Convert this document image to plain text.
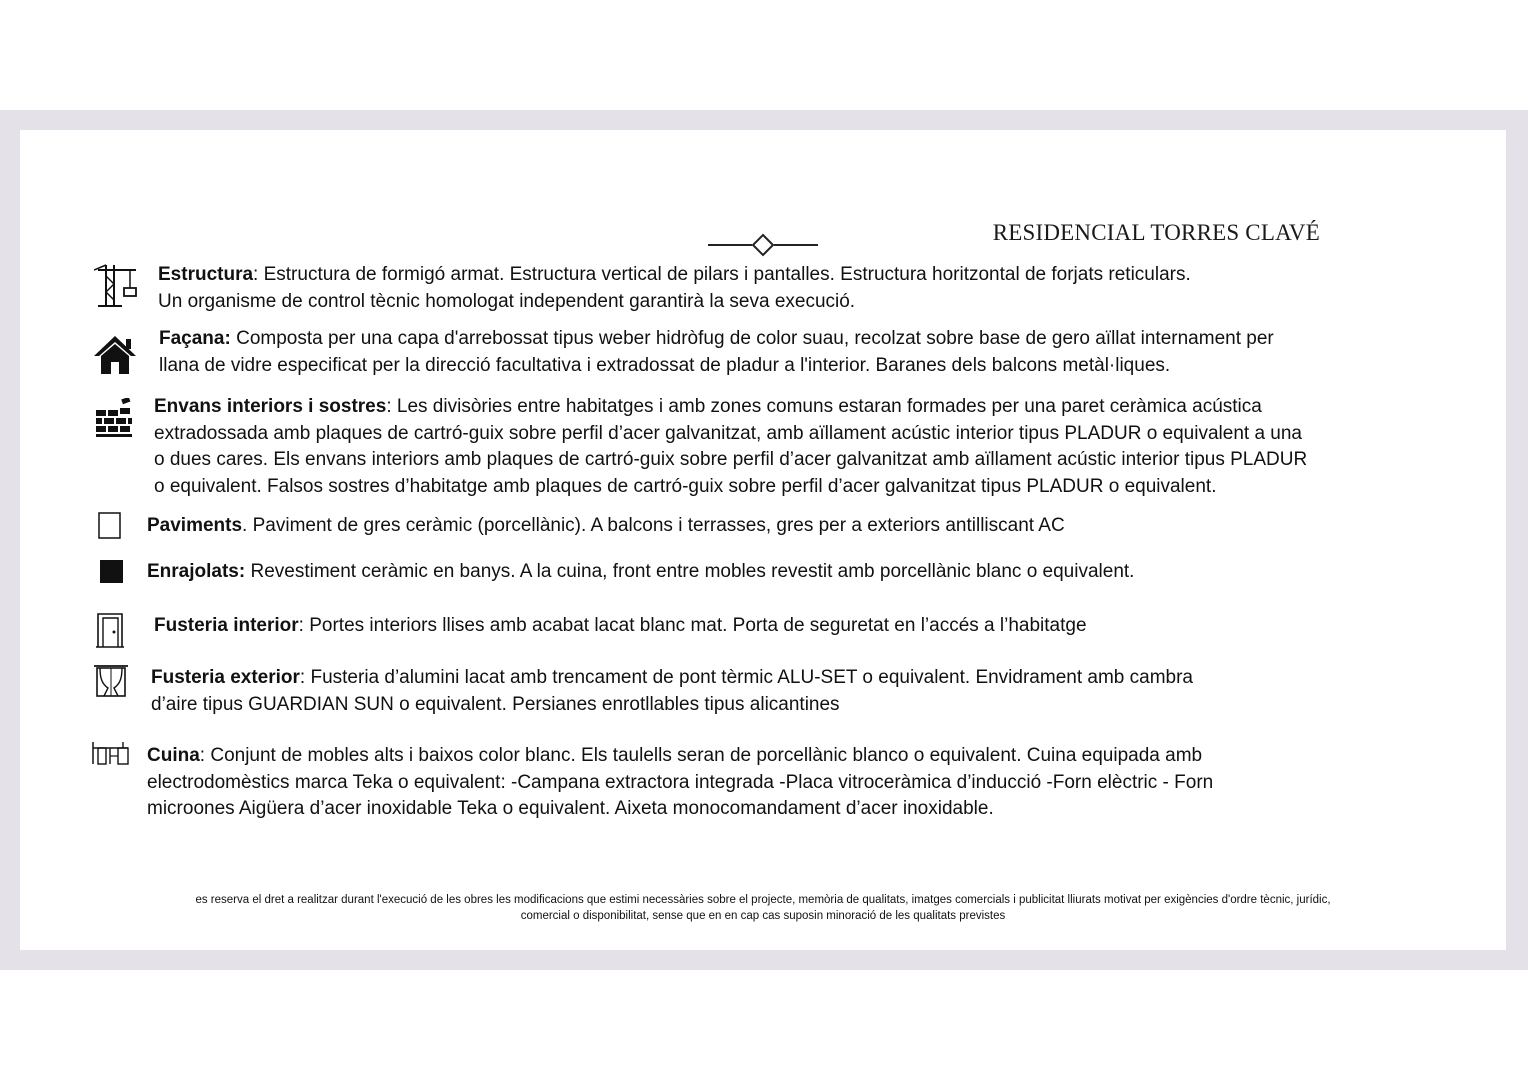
RESIDENCIAL TORRES CLAVÉ
Estructura: Estructura de formigó armat. Estructura vertical de pilars i pantalles. Estructura horitzontal de forjats reticulars.
Un organisme de control tècnic homologat independent garantirà la seva execució.
Façana: Composta per una capa d'arrebossat tipus weber hidròfug de color suau, recolzat sobre base de gero aïllat internament per
llana de vidre especificat per la direcció facultativa i extradossat de pladur a l'interior. Baranes dels balcons metàl·liques.
Envans interiors i sostres: Les divisòries entre habitatges i amb zones comuns estaran formades per una paret ceràmica acústica
extradossada amb plaques de cartró-guix sobre perfil d’acer galvanitzat, amb aïllament acústic interior tipus PLADUR o equivalent a una
o dues cares. Els envans interiors amb plaques de cartró-guix sobre perfil d’acer galvanitzat amb aïllament acústic interior tipus PLADUR
o equivalent. Falsos sostres d’habitatge amb plaques de cartró-guix sobre perfil d’acer galvanitzat tipus PLADUR o equivalent.
Paviments. Paviment de gres ceràmic (porcellànic). A balcons i terrasses, gres per a exteriors antilliscant AC
Enrajolats: Revestiment ceràmic en banys. A la cuina, front entre mobles revestit amb porcellànic blanc o equivalent.
Fusteria interior: Portes interiors llises amb acabat lacat blanc mat. Porta de seguretat en l’accés a l’habitatge
Fusteria exterior: Fusteria d’alumini lacat amb trencament de pont tèrmic ALU-SET o equivalent. Envidrament amb cambra
d’aire tipus GUARDIAN SUN o equivalent. Persianes enrotllables tipus alicantines
Cuina: Conjunt de mobles alts i baixos color blanc. Els taulells seran de porcellànic blanco o equivalent. Cuina equipada amb
electrodomèstics marca Teka o equivalent: -Campana extractora integrada -Placa vitroceràmica d’inducció -Forn elèctric - Forn
microones Aigüera d’acer inoxidable Teka o equivalent. Aixeta monocomandament d’acer inoxidable.
es reserva el dret a realitzar durant l'execució de les obres les modificacions que estimi necessàries sobre el projecte, memòria de qualitats, imatges comercials i publicitat lliurats motivat per exigències d'ordre tècnic, jurídic,
comercial o disponibilitat, sense que en en cap cas suposin minoració de les qualitats previstes
